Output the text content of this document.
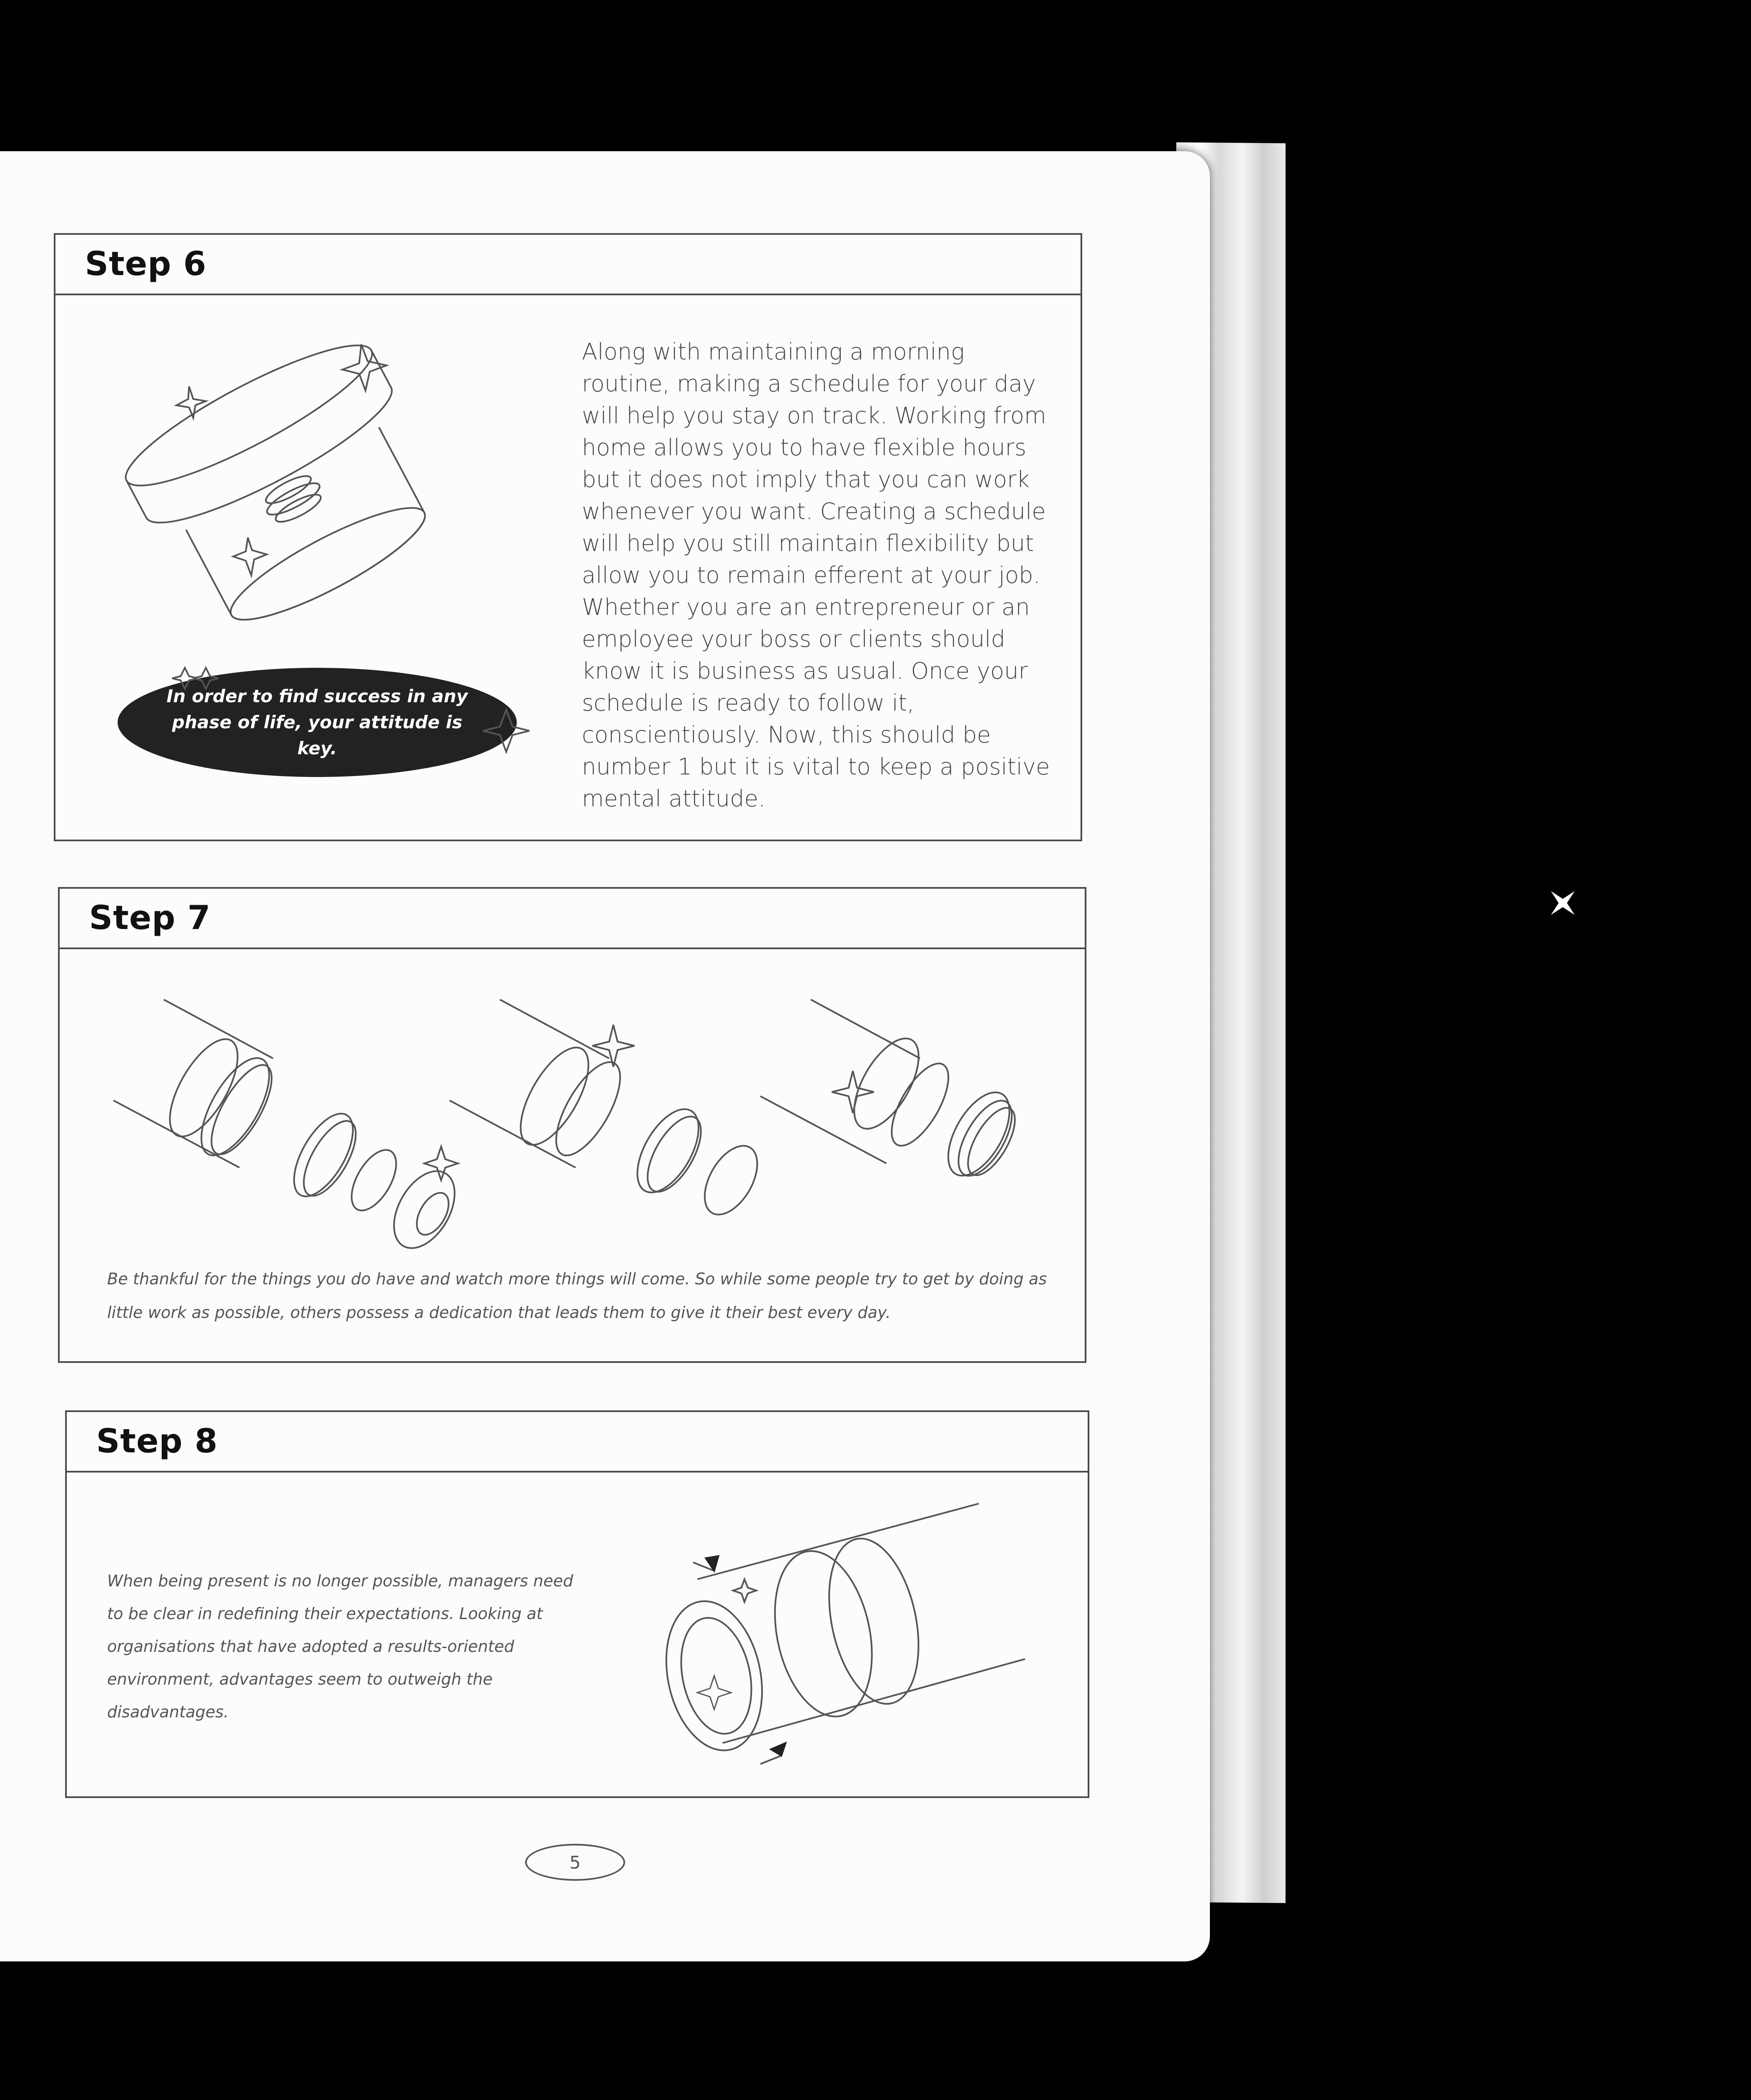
Step 6
Along with maintaining a morning routine, making a schedule for your day will help you stay on track. Working from home allows you to have flexible hours but it does not imply that you can work whenever you want. Creating a schedule will help you still maintain flexibility but allow you to remain efferent at your job. Whether you are an entrepreneur or an employee your boss or clients should know it is business as usual. Once your schedule is ready to follow it, conscientiously. Now, this should be number 1 but it is vital to keep a positive mental attitude.
In order to find success in any phase of life, your attitude is key.
Step 7
Be thankful for the things you do have and watch more things will come. So while some people try to get by doing as little work as possible, others possess a dedication that leads them to give it their best every day.
Step 8
When being present is no longer possible, managers need to be clear in redefining their expectations. Looking at organisations that have adopted a results-oriented environment, advantages seem to outweigh the disadvantages.
5
